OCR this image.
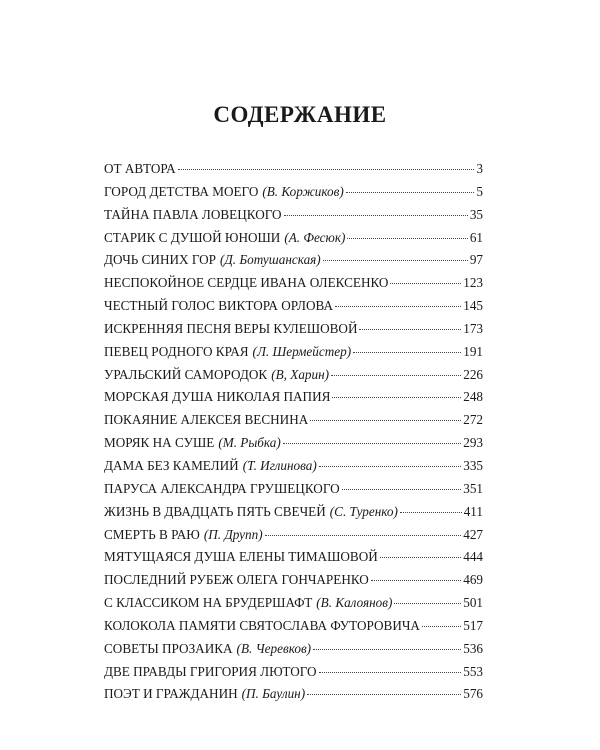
СОДЕРЖАНИЕ
ОТ АВТОРА	3
ГОРОД ДЕТСТВА МОЕГО (В. Коржиков)	5
ТАЙНА ПАВЛА ЛОВЕЦКОГО	35
СТАРИК С ДУШОЙ ЮНОШИ (А. Фесюк)	61
ДОЧЬ СИНИХ ГОР (Д. Ботушанская)	97
НЕСПОКОЙНОЕ СЕРДЦЕ ИВАНА ОЛЕКСЕНКО	123
ЧЕСТНЫЙ ГОЛОС ВИКТОРА ОРЛОВА	145
ИСКРЕННЯЯ ПЕСНЯ ВЕРЫ КУЛЕШОВОЙ	173
ПЕВЕЦ РОДНОГО КРАЯ (Л. Шермейстер)	191
УРАЛЬСКИЙ САМОРОДОК (В, Харин)	226
МОРСКАЯ ДУША НИКОЛАЯ ПАПИЯ	248
ПОКАЯНИЕ АЛЕКСЕЯ ВЕСНИНА	272
МОРЯК НА СУШЕ (М. Рыбка)	293
ДАМА БЕЗ КАМЕЛИЙ (Т. Иглинова)	335
ПАРУСА АЛЕКСАНДРА ГРУШЕЦКОГО	351
ЖИЗНЬ В ДВАДЦАТЬ ПЯТЬ СВЕЧЕЙ (С. Туренко)	411
СМЕРТЬ В РАЮ (П. Друпп)	427
МЯТУЩАЯСЯ ДУША ЕЛЕНЫ ТИМАШОВОЙ	444
ПОСЛЕДНИЙ РУБЕЖ ОЛЕГА ГОНЧАРЕНКО	469
С КЛАССИКОМ НА БРУДЕРШАФТ (В. Калоянов)	501
КОЛОКОЛА ПАМЯТИ СВЯТОСЛАВА ФУТОРОВИЧА	517
СОВЕТЫ ПРОЗАИКА (В. Черевков)	536
ДВЕ ПРАВДЫ ГРИГОРИЯ ЛЮТОГО	553
ПОЭТ И ГРАЖДАНИН (П. Баулин)	576
